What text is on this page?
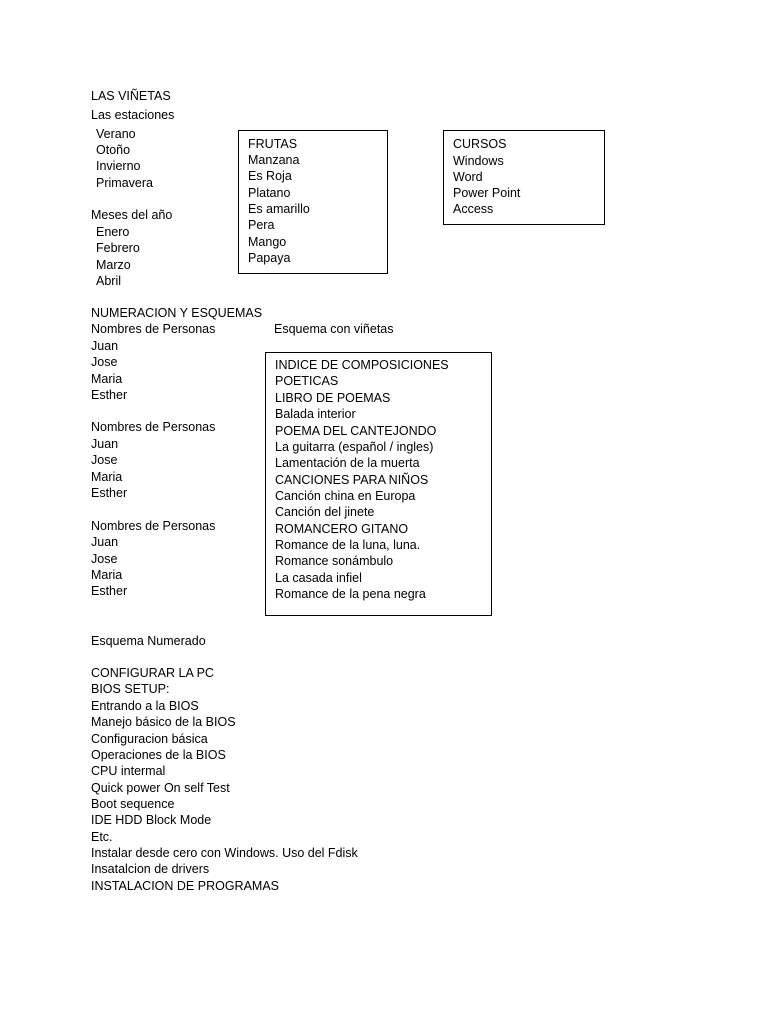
LAS VIÑETAS
Las estaciones
Verano
Otoño
Invierno
Primavera
Meses del año
Enero
Febrero
Marzo
Abril
FRUTAS
Manzana
Es Roja
Platano
Es amarillo
Pera
Mango
Papaya
CURSOS
Windows
Word
Power Point
Access
NUMERACION Y ESQUEMAS
Nombres de Personas
Juan
Jose
Maria
Esther
Nombres de Personas
Juan
Jose
Maria
Esther
Nombres de Personas
Juan
Jose
Maria
Esther
Esquema con viñetas
INDICE DE COMPOSICIONES
POETICAS
LIBRO DE POEMAS
Balada interior
POEMA DEL CANTEJONDO
La guitarra (español / ingles)
Lamentación de la muerta
CANCIONES PARA NIÑOS
Canción china en Europa
Canción del jinete
ROMANCERO GITANO
Romance de la luna, luna.
Romance sonámbulo
La casada infiel
Romance de la pena negra
Esquema Numerado
CONFIGURAR LA PC
BIOS SETUP:
Entrando a la BIOS
Manejo básico de la BIOS
Configuracion básica
Operaciones de la BIOS
CPU intermal
Quick power On self Test
Boot sequence
IDE HDD Block Mode
Etc.
Instalar desde cero con Windows. Uso del Fdisk
Insatalcion de drivers
INSTALACION DE PROGRAMAS
